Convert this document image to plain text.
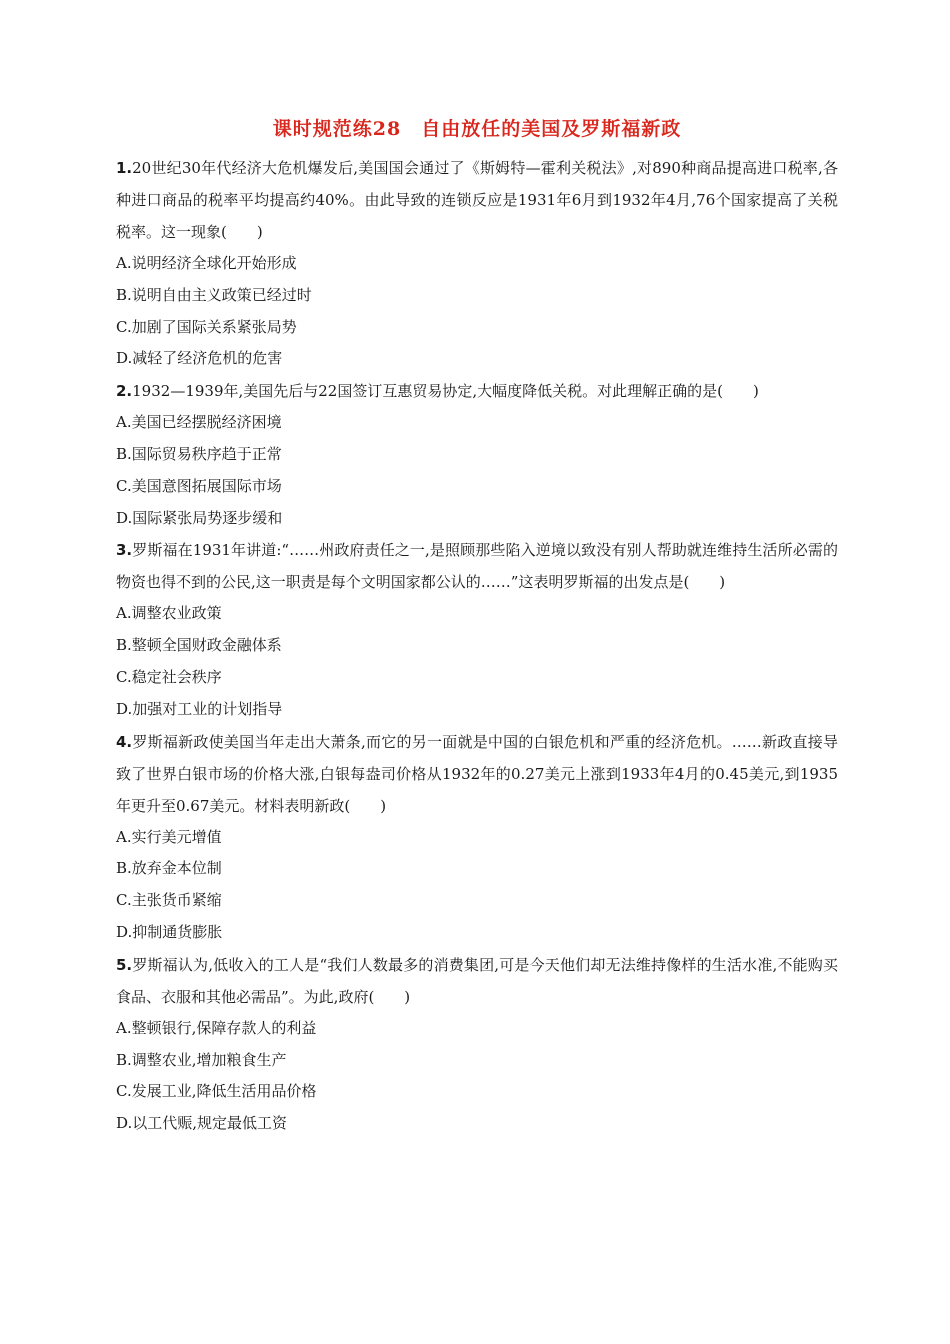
课时规范练28　自由放任的美国及罗斯福新政

1.20世纪30年代经济大危机爆发后,美国国会通过了《斯姆特—霍利关税法》,对890种商品提高进口税率,各种进口商品的税率平均提高约40%。由此导致的连锁反应是1931年6月到1932年4月,76个国家提高了关税税率。这一现象(　　)

A.说明经济全球化开始形成

B.说明自由主义政策已经过时

C.加剧了国际关系紧张局势

D.减轻了经济危机的危害

2.1932—1939年,美国先后与22国签订互惠贸易协定,大幅度降低关税。对此理解正确的是(　　)

A.美国已经摆脱经济困境

B.国际贸易秩序趋于正常

C.美国意图拓展国际市场

D.国际紧张局势逐步缓和

3.罗斯福在1931年讲道:“……州政府责任之一,是照顾那些陷入逆境以致没有别人帮助就连维持生活所必需的物资也得不到的公民,这一职责是每个文明国家都公认的……”这表明罗斯福的出发点是(　　)

A.调整农业政策

B.整顿全国财政金融体系

C.稳定社会秩序

D.加强对工业的计划指导

4.罗斯福新政使美国当年走出大萧条,而它的另一面就是中国的白银危机和严重的经济危机。……新政直接导致了世界白银市场的价格大涨,白银每盎司价格从1932年的0.27美元上涨到1933年4月的0.45美元,到1935年更升至0.67美元。材料表明新政(　　)

A.实行美元增值

B.放弃金本位制

C.主张货币紧缩

D.抑制通货膨胀

5.罗斯福认为,低收入的工人是“我们人数最多的消费集团,可是今天他们却无法维持像样的生活水准,不能购买食品、衣服和其他必需品”。为此,政府(　　)

A.整顿银行,保障存款人的利益

B.调整农业,增加粮食生产

C.发展工业,降低生活用品价格

D.以工代赈,规定最低工资
